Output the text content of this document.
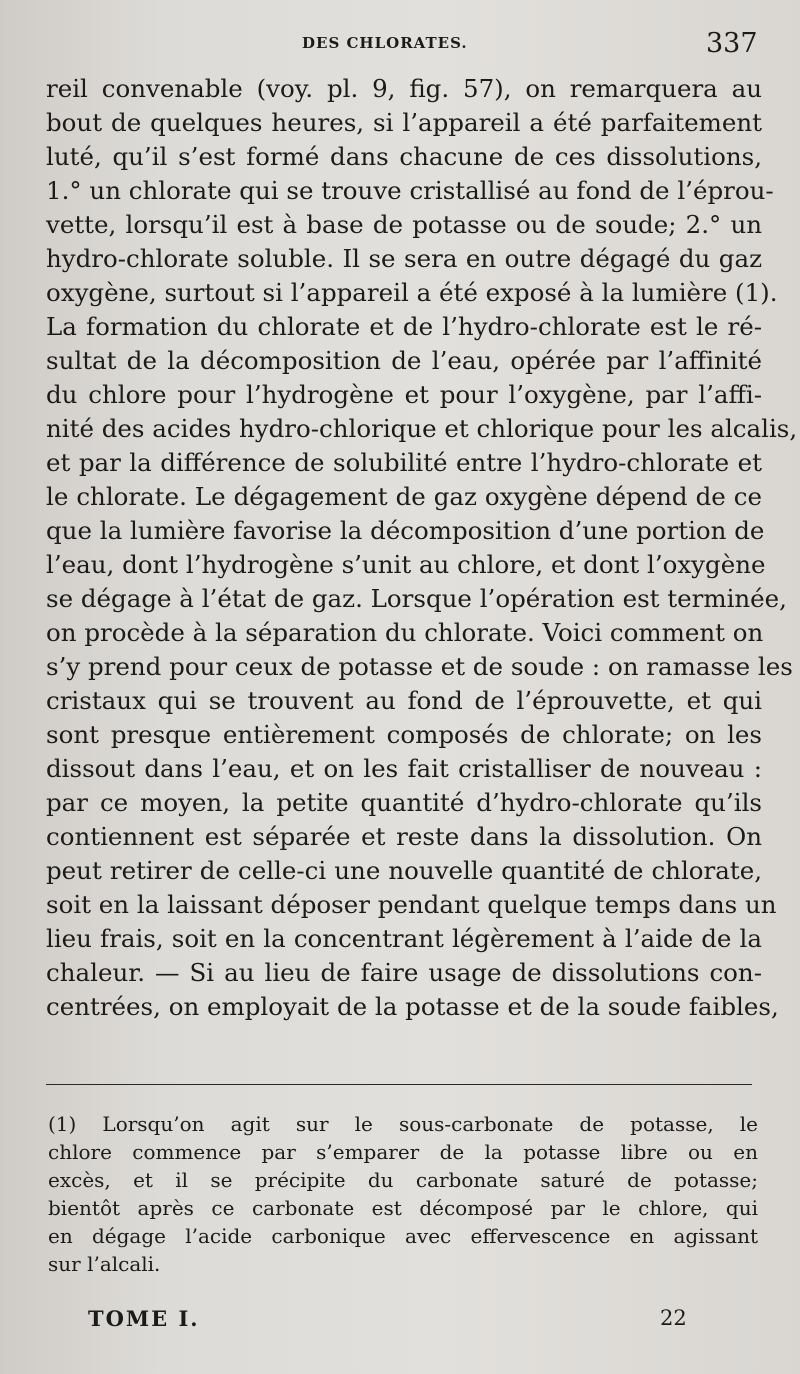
DES CHLORATES.	337
reil convenable (voy. pl. 9, fig. 57), on remarquera au
bout de quelques heures, si l’appareil a été parfaitement
luté, qu’il s’est formé dans chacune de ces dissolutions,
1.° un chlorate qui se trouve cristallisé au fond de l’éprou-
vette, lorsqu’il est à base de potasse ou de soude; 2.° un
hydro-chlorate soluble. Il se sera en outre dégagé du gaz
oxygène, surtout si l’appareil a été exposé à la lumière (1).
La formation du chlorate et de l’hydro-chlorate est le ré-
sultat de la décomposition de l’eau, opérée par l’affinité
du chlore pour l’hydrogène et pour l’oxygène, par l’affi-
nité des acides hydro-chlorique et chlorique pour les alcalis,
et par la différence de solubilité entre l’hydro-chlorate et
le chlorate. Le dégagement de gaz oxygène dépend de ce
que la lumière favorise la décomposition d’une portion de
l’eau, dont l’hydrogène s’unit au chlore, et dont l’oxygène
se dégage à l’état de gaz. Lorsque l’opération est terminée,
on procède à la séparation du chlorate. Voici comment on
s’y prend pour ceux de potasse et de soude : on ramasse les
cristaux qui se trouvent au fond de l’éprouvette, et qui
sont presque entièrement composés de chlorate; on les
dissout dans l’eau, et on les fait cristalliser de nouveau :
par ce moyen, la petite quantité d’hydro-chlorate qu’ils
contiennent est séparée et reste dans la dissolution. On
peut retirer de celle-ci une nouvelle quantité de chlorate,
soit en la laissant déposer pendant quelque temps dans un
lieu frais, soit en la concentrant légèrement à l’aide de la
chaleur. — Si au lieu de faire usage de dissolutions con-
centrées, on employait de la potasse et de la soude faibles,
(1) Lorsqu’on agit sur le sous-carbonate de potasse, le
chlore commence par s’emparer de la potasse libre ou en
excès, et il se précipite du carbonate saturé de potasse;
bientôt après ce carbonate est décomposé par le chlore, qui
en dégage l’acide carbonique avec effervescence en agissant
sur l’alcali.
TOME I.	22
